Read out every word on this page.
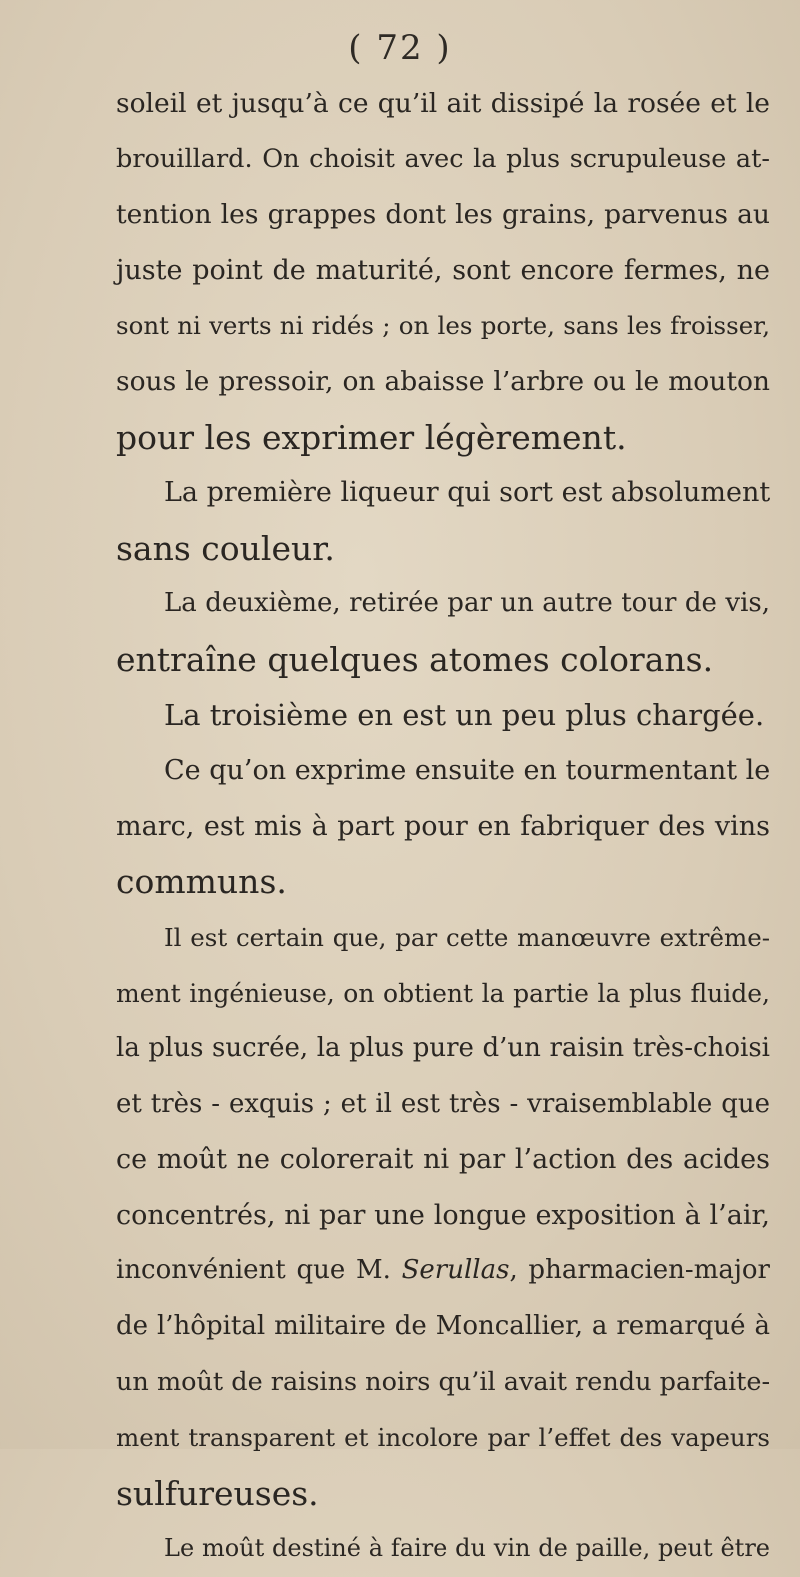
( 72 )
soleil et jusqu’à ce qu’il ait dissipé la rosée et le
brouillard. On choisit avec la plus scrupuleuse at-
tention les grappes dont les grains, parvenus au
juste point de maturité, sont encore fermes, ne
sont ni verts ni ridés ; on les porte, sans les froisser,
sous le pressoir, on abaisse l’arbre ou le mouton
pour les exprimer légèrement.
La première liqueur qui sort est absolument
sans couleur.
La deuxième, retirée par un autre tour de vis,
entraîne quelques atomes colorans.
La troisième en est un peu plus chargée.
Ce qu’on exprime ensuite en tourmentant le
marc, est mis à part pour en fabriquer des vins
communs.
Il est certain que, par cette manœuvre extrême-
ment ingénieuse, on obtient la partie la plus fluide,
la plus sucrée, la plus pure d’un raisin très-choisi
et très - exquis ; et il est très - vraisemblable que
ce moût ne colorerait ni par l’action des acides
concentrés, ni par une longue exposition à l’air,
inconvénient que M. Serullas, pharmacien-major
de l’hôpital militaire de Moncallier, a remarqué à
un moût de raisins noirs qu’il avait rendu parfaite-
ment transparent et incolore par l’effet des vapeurs
sulfureuses.
Le moût destiné à faire du vin de paille, peut être
